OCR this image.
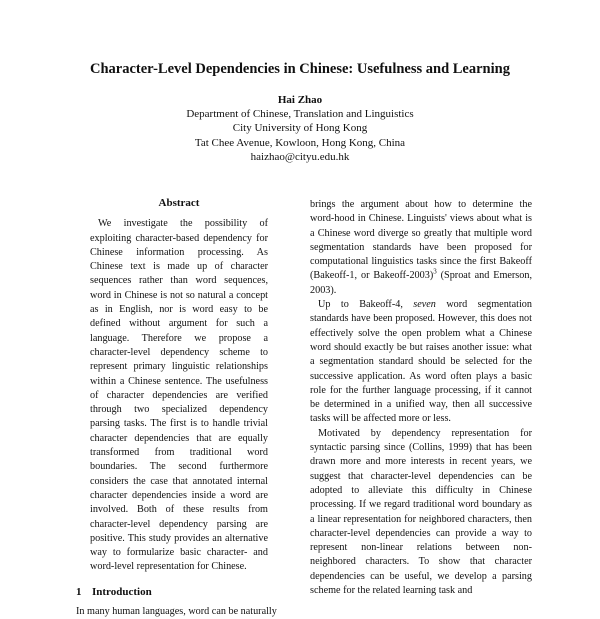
Character-Level Dependencies in Chinese: Usefulness and Learning
Hai Zhao
Department of Chinese, Translation and Linguistics
City University of Hong Kong
Tat Chee Avenue, Kowloon, Hong Kong, China
haizhao@cityu.edu.hk
Abstract

We investigate the possibility of exploiting character-based dependency for Chinese information processing. As Chinese text is made up of character sequences rather than word sequences, word in Chinese is not so natural a concept as in English, nor is word easy to be defined without argument for such a language. Therefore we propose a character-level dependency scheme to represent primary linguistic relationships within a Chinese sentence. The usefulness of character dependencies are verified through two specialized dependency parsing tasks. The first is to handle trivial character dependencies that are equally transformed from traditional word boundaries. The second furthermore considers the case that annotated internal character dependencies inside a word are involved. Both of these results from character-level dependency parsing are positive. This study provides an alternative way to formularize basic character- and word-level representation for Chinese.

1 Introduction

In many human languages, word can be naturally

brings the argument about how to determine the word-hood in Chinese. Linguists' views about what is a Chinese word diverge so greatly that multiple word segmentation standards have been proposed for computational linguistics tasks since the first Bakeoff (Bakeoff-1, or Bakeoff-2003)$^3$ (Sproat and Emerson, 2003).

Up to Bakeoff-4, seven word segmentation standards have been proposed. However, this does not effectively solve the open problem what a Chinese word should exactly be but raises another issue: what a segmentation standard should be selected for the successive application. As word often plays a basic role for the further language processing, if it cannot be determined in a unified way, then all successive tasks will be affected more or less.

Motivated by dependency representation for syntactic parsing since (Collins, 1999) that has been drawn more and more interests in recent years, we suggest that character-level dependencies can be adopted to alleviate this difficulty in Chinese processing. If we regard traditional word boundary as a linear representation for neighbored characters, then character-level dependencies can provide a way to represent non-linear relations between non-neighbored characters. To show that character dependencies can be useful, we develop a parsing scheme for the related learning task and
